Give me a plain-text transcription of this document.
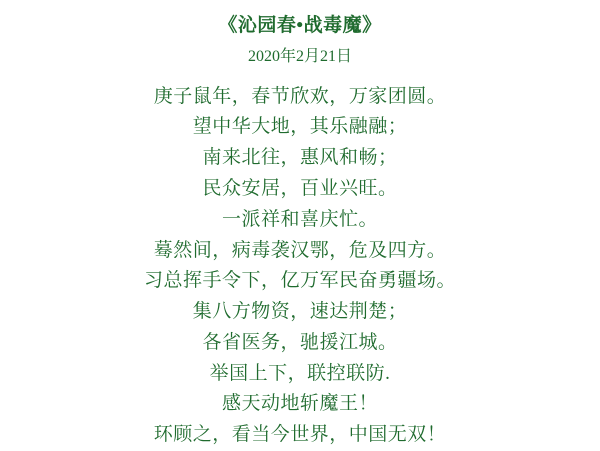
《沁园春•战毒魔》
2020年2月21日
庚子鼠年，春节欣欢，万家团圆。
望中华大地，其乐融融；
南来北往，惠风和畅；
民众安居，百业兴旺。
一派祥和喜庆忙。
蓦然间，病毒袭汉鄂，危及四方。
习总挥手令下，亿万军民奋勇疆场。
集八方物资，速达荆楚；
各省医务，驰援江城。
举国上下，联控联防.
感天动地斩魔王！
环顾之，看当今世界，中国无双！
